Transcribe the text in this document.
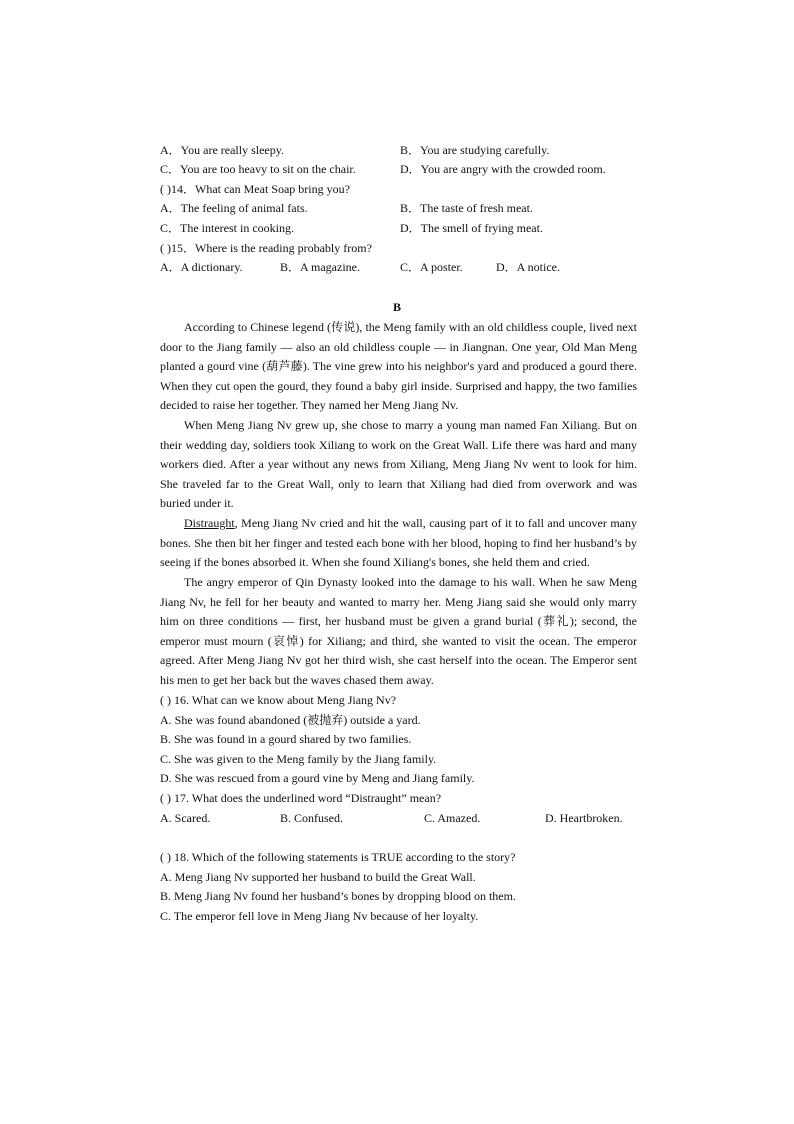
A．You are really sleepy.	B．You are studying carefully.
C．You are too heavy to sit on the chair.	D．You are angry with the crowded room.
( )14．What can Meat Soap bring you?
A．The feeling of animal fats.	B．The taste of fresh meat.
C．The interest in cooking.	D．The smell of frying meat.
( )15．Where is the reading probably from?
A．A dictionary.	B．A magazine.	C．A poster.	D．A notice.
B

According to Chinese legend (传说), the Meng family with an old childless couple, lived next door to the Jiang family — also an old childless couple — in Jiangnan. One year, Old Man Meng planted a gourd vine (葫芦藤). The vine grew into his neighbor's yard and produced a gourd there. When they cut open the gourd, they found a baby girl inside. Surprised and happy, the two families decided to raise her together. They named her Meng Jiang Nv.

When Meng Jiang Nv grew up, she chose to marry a young man named Fan Xiliang. But on their wedding day, soldiers took Xiliang to work on the Great Wall. Life there was hard and many workers died. After a year without any news from Xiliang, Meng Jiang Nv went to look for him. She traveled far to the Great Wall, only to learn that Xiliang had died from overwork and was buried under it.

Distraught, Meng Jiang Nv cried and hit the wall, causing part of it to fall and uncover many bones. She then bit her finger and tested each bone with her blood, hoping to find her husband’s by seeing if the bones absorbed it. When she found Xiliang's bones, she held them and cried.

The angry emperor of Qin Dynasty looked into the damage to his wall. When he saw Meng Jiang Nv, he fell for her beauty and wanted to marry her. Meng Jiang said she would only marry him on three conditions — first, her husband must be given a grand burial (葬礼); second, the emperor must mourn (哀悼) for Xiliang; and third, she wanted to visit the ocean. The emperor agreed. After Meng Jiang Nv got her third wish, she cast herself into the ocean. The Emperor sent his men to get her back but the waves chased them away.

( ) 16. What can we know about Meng Jiang Nv?
A. She was found abandoned (被抛弃) outside a yard.
B. She was found in a gourd shared by two families.
C. She was given to the Meng family by the Jiang family.
D. She was rescued from a gourd vine by Meng and Jiang family.
( ) 17. What does the underlined word “Distraught” mean?
A. Scared.	B. Confused.	C. Amazed.	D. Heartbroken.
( ) 18. Which of the following statements is TRUE according to the story?
A. Meng Jiang Nv supported her husband to build the Great Wall.
B. Meng Jiang Nv found her husband’s bones by dropping blood on them.
C. The emperor fell love in Meng Jiang Nv because of her loyalty.
